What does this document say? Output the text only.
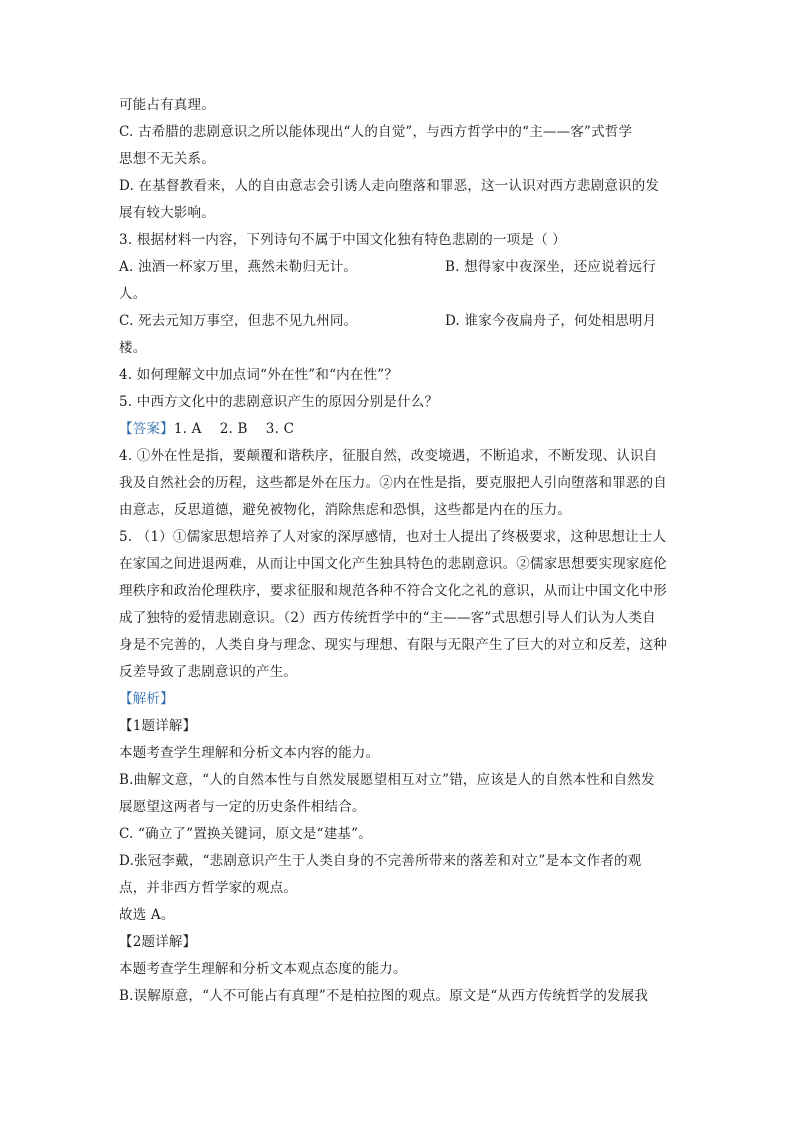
可能占有真理。
C. 古希腊的悲剧意识之所以能体现出“人的自觉”，与西方哲学中的“主——客”式哲学
思想不无关系。
D. 在基督教看来，人的自由意志会引诱人走向堕落和罪恶，这一认识对西方悲剧意识的发
展有较大影响。
3. 根据材料一内容，下列诗句不属于中国文化独有特色悲剧的一项是（ ）
A. 浊酒一杯家万里，燕然未勒归无计。	B. 想得家中夜深坐，还应说着远行
人。
C. 死去元知万事空，但悲不见九州同。	D. 谁家今夜扁舟子，何处相思明月
楼。
4. 如何理解文中加点词“外在性”和“内在性”？
5. 中西方文化中的悲剧意识产生的原因分别是什么？
【答案】1. A　 2. B　 3. C
4. ①外在性是指，要颠覆和谐秩序，征服自然，改变境遇，不断追求，不断发现、认识自
我及自然社会的历程，这些都是外在压力。②内在性是指，要克服把人引向堕落和罪恶的自
由意志，反思道德，避免被物化，消除焦虑和恐惧，这些都是内在的压力。
5. （1）①儒家思想培养了人对家的深厚感情，也对士人提出了终极要求，这种思想让士人
在家国之间进退两难，从而让中国文化产生独具特色的悲剧意识。②儒家思想要实现家庭伦
理秩序和政治伦理秩序，要求征服和规范各种不符合文化之礼的意识，从而让中国文化中形
成了独特的爱情悲剧意识。（2）西方传统哲学中的“主——客”式思想引导人们认为人类自
身是不完善的，人类自身与理念、现实与理想、有限与无限产生了巨大的对立和反差，这种
反差导致了悲剧意识的产生。
【解析】
【1题详解】
本题考查学生理解和分析文本内容的能力。
B.曲解文意，“人的自然本性与自然发展愿望相互对立”错，应该是人的自然本性和自然发
展愿望这两者与一定的历史条件相结合。
C. “确立了”置换关键词，原文是“建基”。
D.张冠李戴，“悲剧意识产生于人类自身的不完善所带来的落差和对立”是本文作者的观
点，并非西方哲学家的观点。
故选 A。
【2题详解】
本题考查学生理解和分析文本观点态度的能力。
B.误解原意，“人不可能占有真理”不是柏拉图的观点。原文是“从西方传统哲学的发展我
